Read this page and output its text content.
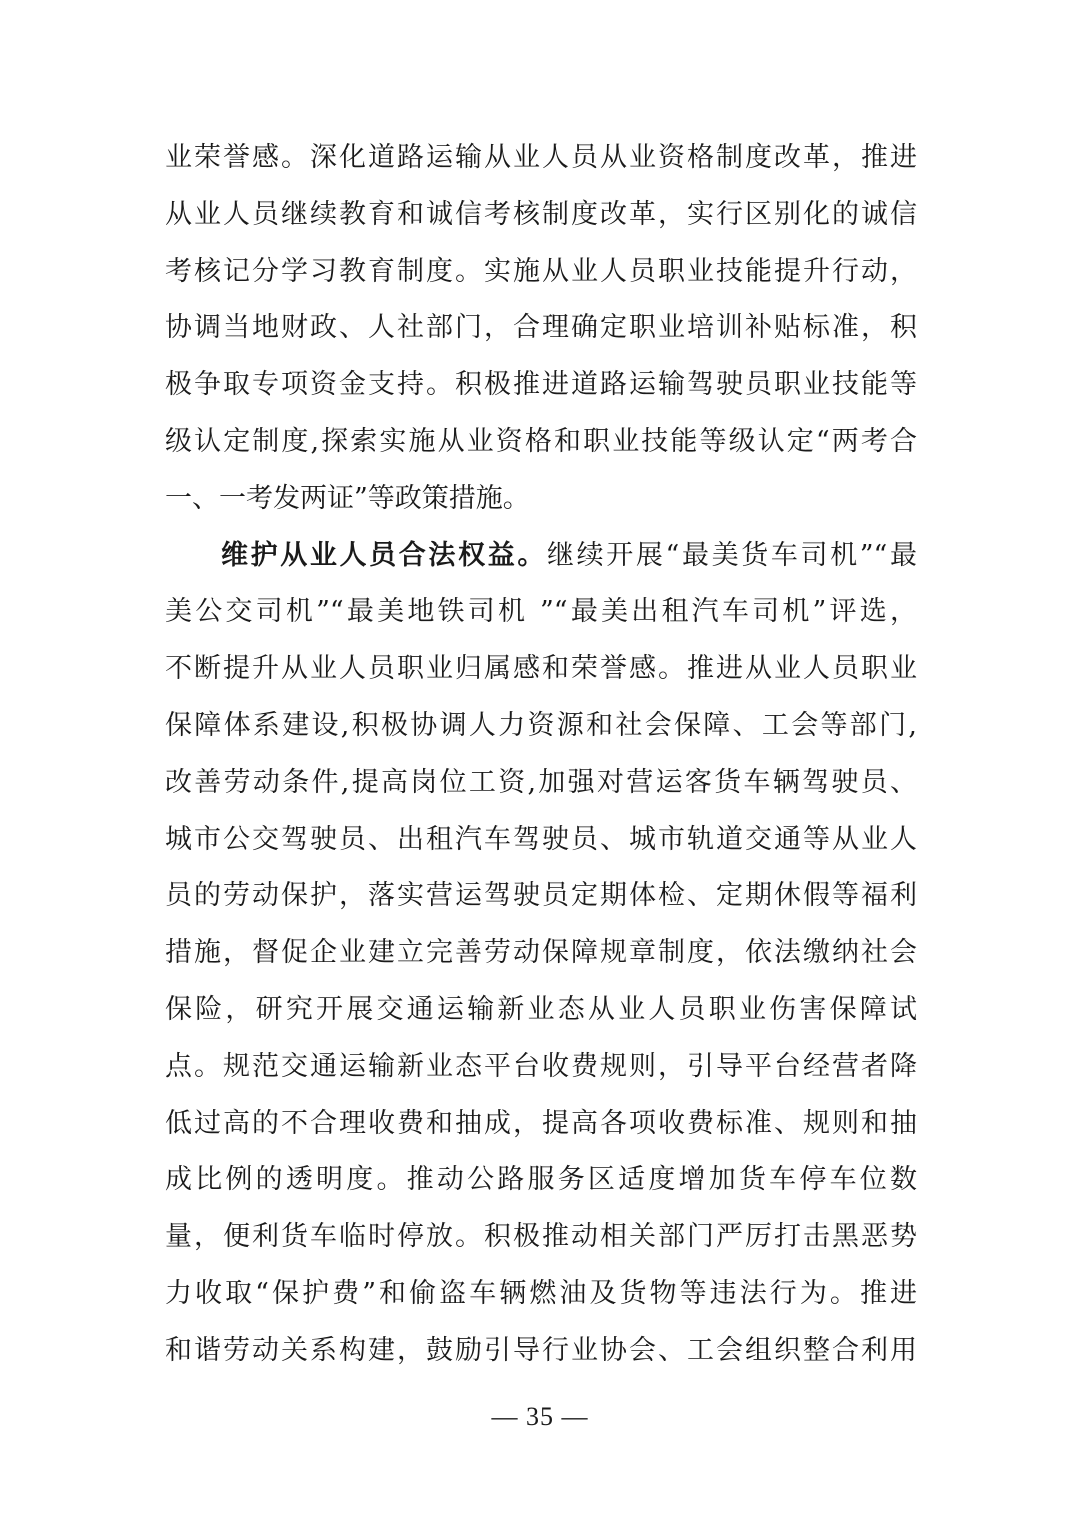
业荣誉感。深化道路运输从业人员从业资格制度改革，推进
从业人员继续教育和诚信考核制度改革，实行区别化的诚信
考核记分学习教育制度。实施从业人员职业技能提升行动，
协调当地财政、人社部门，合理确定职业培训补贴标准，积
极争取专项资金支持。积极推进道路运输驾驶员职业技能等
级认定制度,探索实施从业资格和职业技能等级认定“两考合
一、一考发两证”等政策措施。
维护从业人员合法权益。继续开展“最美货车司机”“最
美公交司机”“最美地铁司机 ”“最美出租汽车司机”评选，
不断提升从业人员职业归属感和荣誉感。推进从业人员职业
保障体系建设,积极协调人力资源和社会保障、工会等部门,
改善劳动条件,提高岗位工资,加强对营运客货车辆驾驶员、
城市公交驾驶员、出租汽车驾驶员、城市轨道交通等从业人
员的劳动保护，落实营运驾驶员定期体检、定期休假等福利
措施，督促企业建立完善劳动保障规章制度，依法缴纳社会
保险，研究开展交通运输新业态从业人员职业伤害保障试
点。规范交通运输新业态平台收费规则，引导平台经营者降
低过高的不合理收费和抽成，提高各项收费标准、规则和抽
成比例的透明度。推动公路服务区适度增加货车停车位数
量，便利货车临时停放。积极推动相关部门严厉打击黑恶势
力收取“保护费”和偷盗车辆燃油及货物等违法行为。推进
和谐劳动关系构建，鼓励引导行业协会、工会组织整合利用
— 35 —
